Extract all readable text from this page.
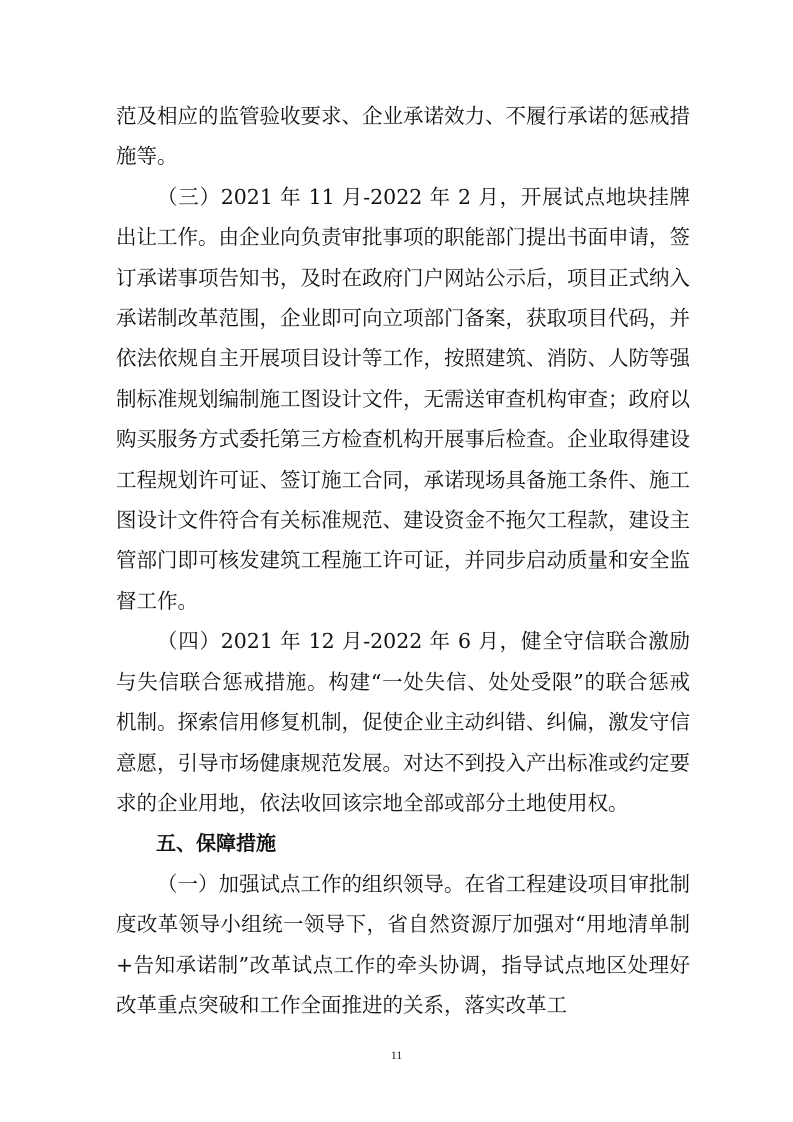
范及相应的监管验收要求、企业承诺效力、不履行承诺的惩戒措施等。

（三）2021 年 11 月-2022 年 2 月，开展试点地块挂牌出让工作。由企业向负责审批事项的职能部门提出书面申请，签订承诺事项告知书，及时在政府门户网站公示后，项目正式纳入承诺制改革范围，企业即可向立项部门备案，获取项目代码，并依法依规自主开展项目设计等工作，按照建筑、消防、人防等强制标准规划编制施工图设计文件，无需送审查机构审查；政府以购买服务方式委托第三方检查机构开展事后检查。企业取得建设工程规划许可证、签订施工合同，承诺现场具备施工条件、施工图设计文件符合有关标准规范、建设资金不拖欠工程款，建设主管部门即可核发建筑工程施工许可证，并同步启动质量和安全监督工作。

（四）2021 年 12 月-2022 年 6 月，健全守信联合激励与失信联合惩戒措施。构建“一处失信、处处受限”的联合惩戒机制。探索信用修复机制，促使企业主动纠错、纠偏，激发守信意愿，引导市场健康规范发展。对达不到投入产出标准或约定要求的企业用地，依法收回该宗地全部或部分土地使用权。

五、保障措施

（一）加强试点工作的组织领导。在省工程建设项目审批制度改革领导小组统一领导下，省自然资源厅加强对“用地清单制+告知承诺制”改革试点工作的牵头协调，指导试点地区处理好改革重点突破和工作全面推进的关系，落实改革工

11
